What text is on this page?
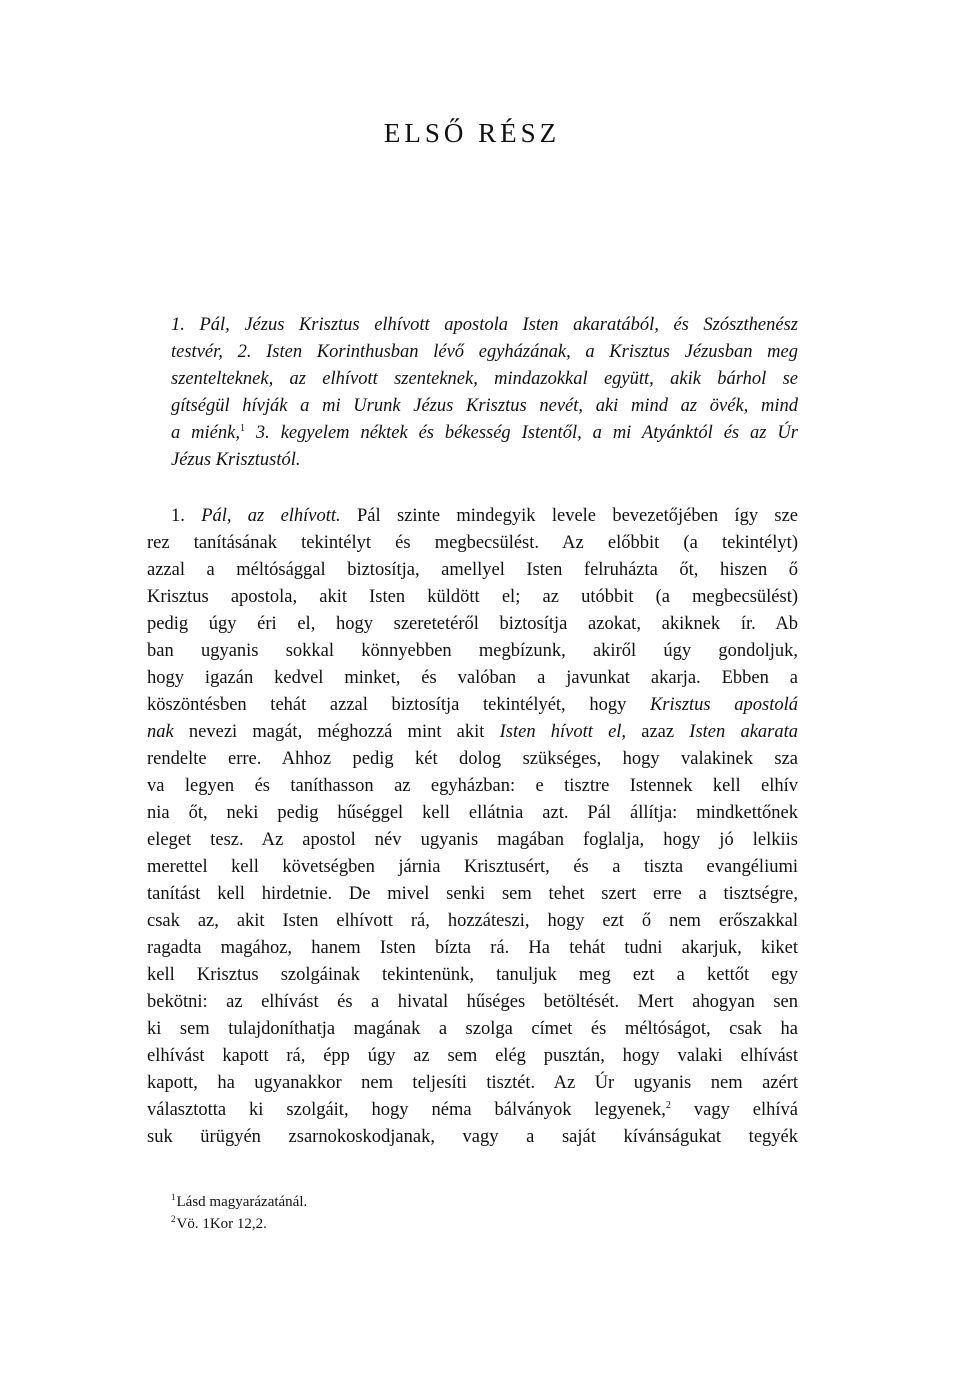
ELSŐ RÉSZ
1. Pál, Jézus Krisztus elhívott apostola Isten akaratából, és Szószthenész
testvér, 2. Isten Korinthusban lévő egyházának, a Krisztus Jézusban meg
szentelteknek, az elhívott szenteknek, mindazokkal együtt, akik bárhol se
gítségül hívják a mi Urunk Jézus Krisztus nevét, aki mind az övék, mind
a miénk,$^1$ 3. kegyelem néktek és békesség Istentől, a mi Atyánktól és az Úr
Jézus Krisztustól.
1. Pál, az elhívott. Pál szinte mindegyik levele bevezetőjében így sze
rez tanításának tekintélyt és megbecsülést. Az előbbit (a tekintélyt)
azzal a méltósággal biztosítja, amellyel Isten felruházta őt, hiszen ő
Krisztus apostola, akit Isten küldött el; az utóbbit (a megbecsülést)
pedig úgy éri el, hogy szeretetéről biztosítja azokat, akiknek ír. Ab
ban ugyanis sokkal könnyebben megbízunk, akiről úgy gondoljuk,
hogy igazán kedvel minket, és valóban a javunkat akarja. Ebben a
köszöntésben tehát azzal biztosítja tekintélyét, hogy Krisztus apostolá
nak nevezi magát, méghozzá mint akit Isten hívott el, azaz Isten akarata
rendelte erre. Ahhoz pedig két dolog szükséges, hogy valakinek sza
va legyen és taníthasson az egyházban: e tisztre Istennek kell elhív
nia őt, neki pedig hűséggel kell ellátnia azt. Pál állítja: mindkettőnek
eleget tesz. Az apostol név ugyanis magában foglalja, hogy jó lelkiis
merettel kell követségben járnia Krisztusért, és a tiszta evangéliumi
tanítást kell hirdetnie. De mivel senki sem tehet szert erre a tisztségre,
csak az, akit Isten elhívott rá, hozzáteszi, hogy ezt ő nem erőszakkal
ragadta magához, hanem Isten bízta rá. Ha tehát tudni akarjuk, kiket
kell Krisztus szolgáinak tekintenünk, tanuljuk meg ezt a kettőt egy
bekötni: az elhívást és a hivatal hűséges betöltését. Mert ahogyan sen
ki sem tulajdoníthatja magának a szolga címet és méltóságot, csak ha
elhívást kapott rá, épp úgy az sem elég pusztán, hogy valaki elhívást
kapott, ha ugyanakkor nem teljesíti tisztét. Az Úr ugyanis nem azért
választotta ki szolgáit, hogy néma bálványok legyenek,$^2$ vagy elhívá
suk ürügyén zsarnokoskodjanak, vagy a saját kívánságukat tegyék
$^1$Lásd magyarázatánál.
$^2$Vö. 1Kor 12,2.
